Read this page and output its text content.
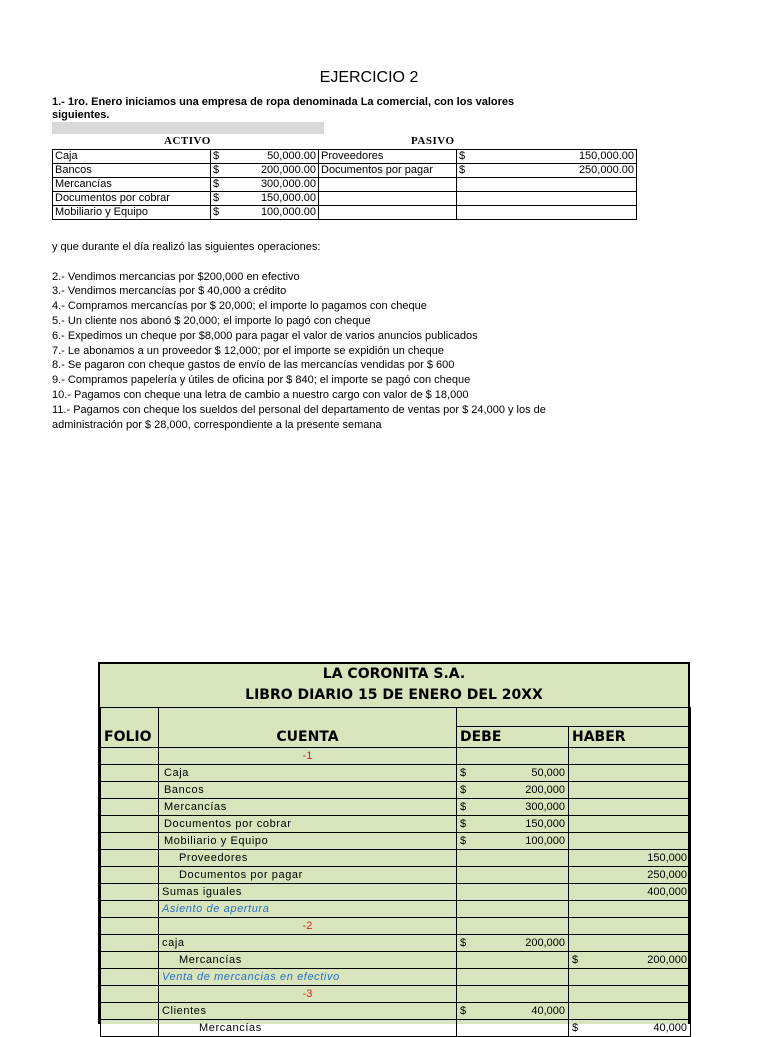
EJERCICIO 2
1.- 1ro. Enero iniciamos una empresa de ropa denominada La comercial, con los valores siguientes.
ACTIVO	PASIVO
Caja	$ 50,000.00	Proveedores	$ 150,000.00

Bancos	$ 200,000.00	Documentos por pagar	$ 250,000.00

Mercancías	$ 300,000.00		

Documentos por cobrar	$ 150,000.00		

Mobiliario y Equipo	$ 100,000.00		

y que durante el día realizó las siguientes operaciones:

2.- Vendimos mercancias por $200,000 en efectivo

3.- Vendimos mercancías por $ 40,000 a crédito

4.- Compramos mercancías por $ 20,000; el importe lo pagamos con cheque

5.- Un cliente nos abonó $ 20,000; el importe lo pagó con cheque

6.- Expedimos un cheque por $8,000 para pagar el valor de varios anuncios publicados

7.- Le abonamos a un proveedor $ 12,000; por el importe se expidión un cheque

8.- Se pagaron con cheque gastos de envío de las mercancías vendidas por $ 600

9.- Compramos papelería y útiles de oficina por $ 840; el importe se pagó con cheque

10.- Pagamos con cheque una letra de cambio a nuestro cargo con valor de $ 18,000

11.- Pagamos con cheque los sueldos del personal del departamento de ventas por $ 24,000 y los de

administración por $ 28,000, correspondiente a la presente semana

LA CORONITA S.A.
LIBRO DIARIO 15 DE ENERO DEL 20XX

FOLIO	CUENTA	DEBE	HABER
	-1		
	Caja	$ 50,000	

	Bancos	$ 200,000	

	Mercancías	$ 300,000	

	Documentos por cobrar	$ 150,000	

	Mobiliario y Equipo	$ 100,000	

	Proveedores		150,000
	Documentos por pagar		250,000
	Sumas iguales		400,000
	Asiento de apertura		
	-2		
	caja	$ 200,000	

	Mercancías		$ 200,000

	Venta de mercancias en efectivo		
	-3		
	Clientes	$ 40,000	

	Mercancías		$ 40,000
